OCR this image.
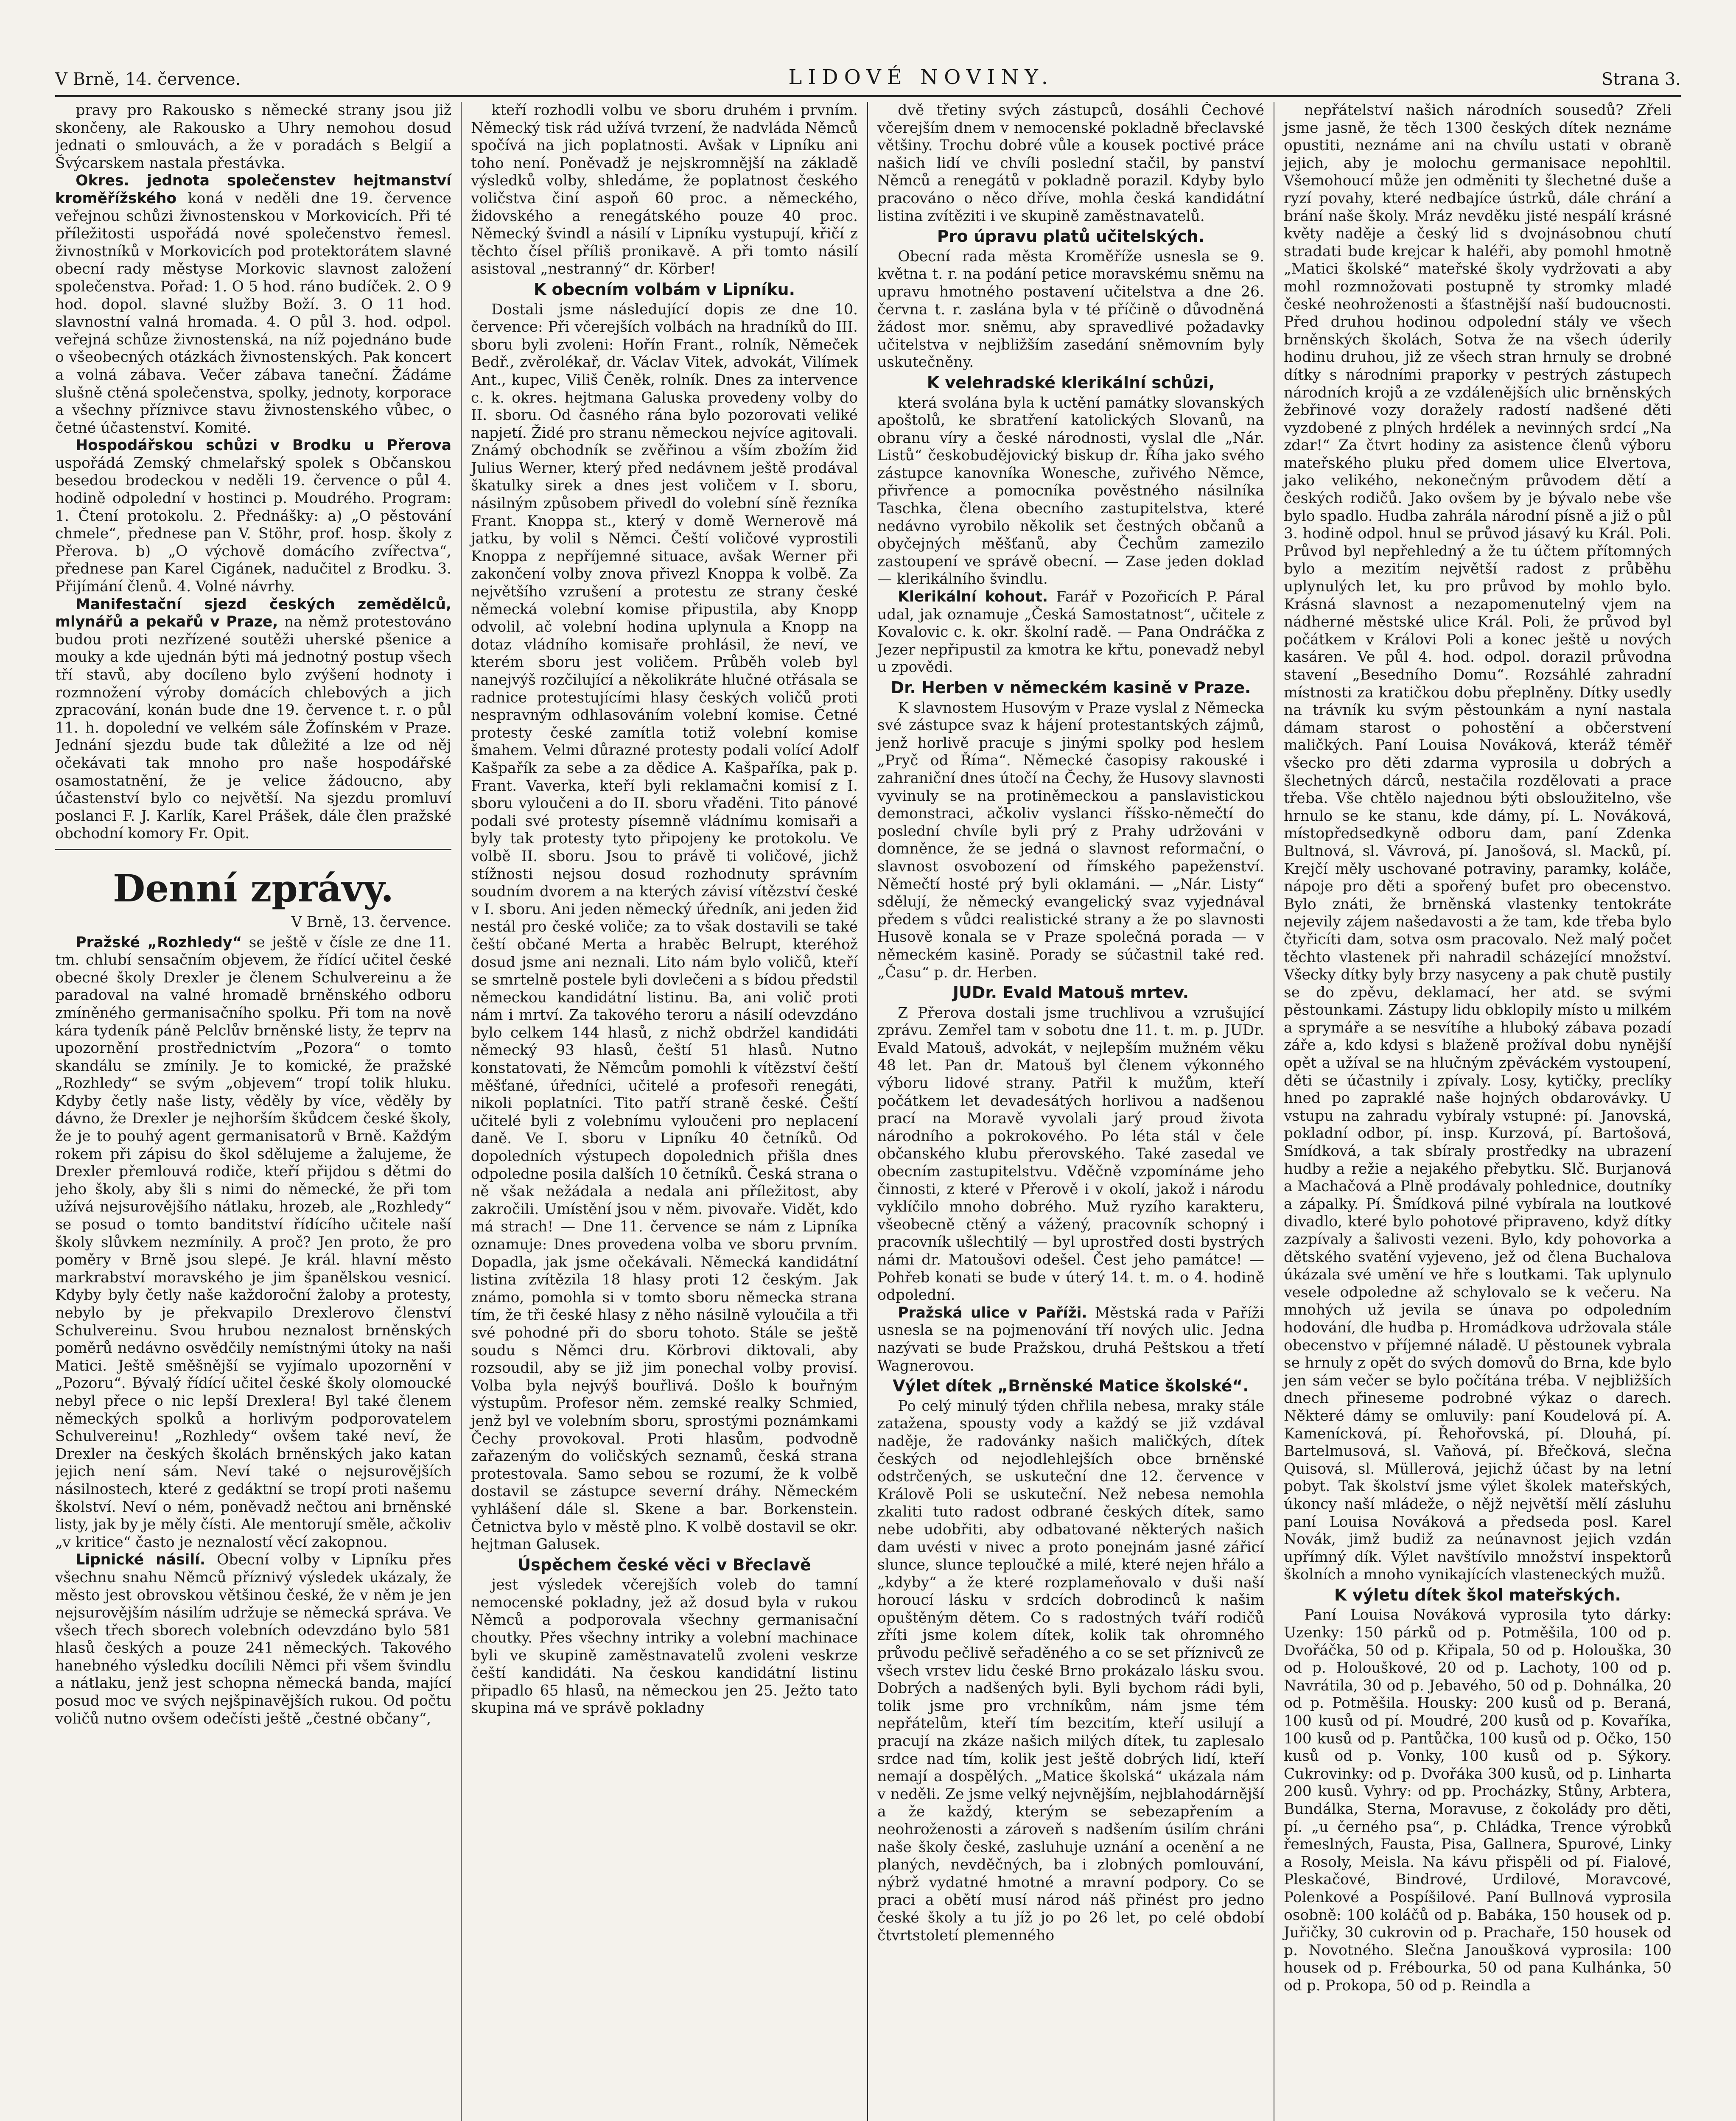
V Brně, 14. července.	LIDOVÉ NOVINY.	Strana 3.

pravy pro Rakousko s německé strany jsou již skončeny, ale Rakousko a Uhry nemohou dosud jednati o smlouvách, a že v poradách s Belgií a Švýcarskem nastala přestávka.

Okres. jednota společenstev hejtmanství kroměřížského koná v neděli dne 19. července veřejnou schůzi živnostenskou v Morkovicích. Při té příležitosti uspořádá nové společenstvo řemesl. živnostníků v Morkovicích pod protektorátem slavné obecní rady městyse Morkovic slavnost založení společenstva. Pořad: 1. O 5 hod. ráno budíček. 2. O 9 hod. dopol. slavné služby Boží. 3. O 11 hod. slavnostní valná hromada. 4. O půl 3. hod. odpol. veřejná schůze živnostenská, na níž pojednáno bude o všeobecných otázkách živnostenských. Pak koncert a volná zábava. Večer zábava taneční. Žádáme slušně ctěná společenstva, spolky, jednoty, korporace a všechny příznivce stavu živnostenského vůbec, o četné účastenství. Komité.

Hospodářskou schůzi v Brodku u Přerova uspořádá Zemský chmelařský spolek s Občanskou besedou brodeckou v neděli 19. července o půl 4. hodině odpolední v hostinci p. Moudrého. Program: 1. Čtení protokolu. 2. Přednášky: a) „O pěstování chmele“, přednese pan V. Stöhr, prof. hosp. školy z Přerova. b) „O výchově domácího zvířectva“, přednese pan Karel Cigánek, nadučitel z Brodku. 3. Přijímání členů. 4. Volné návrhy.

Manifestační sjezd českých zemědělců, mlynářů a pekařů v Praze, na němž protestováno budou proti nezřízené soutěži uherské pšenice a mouky a kde ujednán býti má jednotný postup všech tří stavů, aby docíleno bylo zvýšení hodnoty i rozmnožení výroby domácích chlebových a jich zpracování, konán bude dne 19. července t. r. o půl 11. h. dopolední ve velkém sále Žofínském v Praze. Jednání sjezdu bude tak důležité a lze od něj očekávati tak mnoho pro naše hospodářské osamostatnění, že je velice žádoucno, aby účastenství bylo co největší. Na sjezdu promluví poslanci F. J. Karlík, Karel Prášek, dále člen pražské obchodní komory Fr. Opit.

Denní zprávy.
V Brně, 13. července.

Pražské „Rozhledy“ se ještě v čísle ze dne 11. tm. chlubí sensačním objevem, že řídící učitel české obecné školy Drexler je členem Schulvereinu a že paradoval na valné hromadě brněnského odboru zmíněného germanisačního spolku. Při tom na nově kára tydeník páně Pelclův brněnské listy, že teprv na upozornění prostřednictvím „Pozora“ o tomto skandálu se zmínily. Je to komické, že pražské „Rozhledy“ se svým „objevem“ tropí tolik hluku. Kdyby četly naše listy, věděly by více, věděly by dávno, že Drexler je nejhorším škůdcem české školy, že je to pouhý agent germanisatorů v Brně. Každým rokem při zápisu do škol sdělujeme a žalujeme, že Drexler přemlouvá rodiče, kteří přijdou s dětmi do jeho školy, aby šli s nimi do německé, že při tom užívá nejsurovějšího nátlaku, hrozeb, ale „Rozhledy“ se posud o tomto banditství řídícího učitele naší školy slůvkem nezmínily. A proč? Jen proto, že pro poměry v Brně jsou slepé. Je král. hlavní město markrabství moravského je jim španělskou vesnicí. Kdyby byly četly naše každoroční žaloby a protesty, nebylo by je překvapilo Drexlerovo členství Schulvereinu. Svou hrubou neznalost brněnských poměrů nedávno osvědčily nemístnými útoky na naši Matici. Ještě směšnější se vyjímalo upozornění v „Pozoru“. Bývalý řídící učitel české školy olomoucké nebyl přece o nic lepší Drexlera! Byl také členem německých spolků a horlivým podporovatelem Schulvereinu! „Rozhledy“ ovšem také neví, že Drexler na českých školách brněnských jako katan jejich není sám. Neví také o nejsurovějších násilnostech, které z gedáktní se tropí proti našemu školství. Neví o ném, poněvadž nečtou ani brněnské listy, jak by je měly čísti. Ale mentorují směle, ačkoliv „v kritice“ často je neznalostí věcí zakopnou.

Lipnické násilí. Obecní volby v Lipníku přes všechnu snahu Němců příznivý výsledek ukázaly, že město jest obrovskou většinou české, že v něm je jen nejsurovějším násilím udržuje se německá správa. Ve všech třech sborech volebních odevzdáno bylo 581 hlasů českých a pouze 241 německých. Takového hanebného výsledku docílili Němci při všem švindlu a nátlaku, jenž jest schopna německá banda, mající posud moc ve svých nejšpinavějších rukou. Od počtu voličů nutno ovšem odečísti ještě „čestné občany“,

kteří rozhodli volbu ve sboru druhém i prvním. Německý tisk rád užívá tvrzení, že nadvláda Němců spočívá na jich poplatnosti. Avšak v Lipníku ani toho není. Poněvadž je nejskromnější na základě výsledků volby, shledáme, že poplatnost českého voličstva činí aspoň 60 proc. a německého, židovského a renegátského pouze 40 proc. Německý švindl a násilí v Lipníku vystupují, křičí z těchto čísel příliš pronikavě. A při tomto násilí asistoval „nestranný“ dr. Körber!

K obecním volbám v Lipníku.

Dostali jsme následující dopis ze dne 10. července: Při včerejších volbách na hradníků do III. sboru byli zvoleni: Hořín Frant., rolník, Němeček Bedř., zvěrolékař, dr. Václav Vitek, advokát, Vilímek Ant., kupec, Viliš Čeněk, rolník. Dnes za intervence c. k. okres. hejtmana Galuska provedeny volby do II. sboru. Od časného rána bylo pozorovati veliké napjetí. Židé pro stranu německou nejvíce agitovali. Známý obchodník se zvěřinou a vším zbožím žid Julius Werner, který před nedávnem ještě prodával škatulky sirek a dnes jest voličem v I. sboru, násilným způsobem přivedl do volební síně řezníka Frant. Knoppa st., který v domě Wernerově má jatku, by volil s Němci. Čeští voličové vyprostili Knoppa z nepříjemné situace, avšak Werner při zakončení volby znova přivezl Knoppa k volbě. Za největšího vzrušení a protestu ze strany české německá volební komise připustila, aby Knopp odvolil, ač volební hodina uplynula a Knopp na dotaz vládního komisaře prohlásil, že neví, ve kterém sboru jest voličem. Průběh voleb byl nanejvýš rozčilující a několikráte hlučné otřásala se radnice protestujícími hlasy českých voličů proti nespravným odhlasováním volební komise. Četné protesty české zamítla totiž volební komise šmahem. Velmi důrazné protesty podali volící Adolf Kašpařík za sebe a za dědice A. Kašpaříka, pak p. Frant. Vaverka, kteří byli reklamačni komisí z I. sboru vyloučeni a do II. sboru vřaděni. Tito pánové podali své protesty písemně vládnímu komisaři a byly tak protesty tyto připojeny ke protokolu. Ve volbě II. sboru. Jsou to právě ti voličové, jichž stížnosti nejsou dosud rozhodnuty správním soudním dvorem a na kterých závisí vítězství české v I. sboru. Ani jeden německý úředník, ani jeden žid nestál pro české voliče; za to však dostavili se také čeští občané Merta a hraběc Belrupt, kteréhož dosud jsme ani neznali. Lito nám bylo voličů, kteří se smrtelně postele byli dovlečeni a s bídou předstil německou kandidátní listinu. Ba, ani volič proti nám i mrtví. Za takového teroru a násilí odevzdáno bylo celkem 144 hlasů, z nichž obdržel kandidáti německý 93 hlasů, čeští 51 hlasů. Nutno konstatovati, že Němcům pomohli k vítězství čeští měšťané, úředníci, učitelé a profesoři renegáti, nikoli poplatníci. Tito patří straně české. Čeští učitelé byli z volebnímu vyloučeni pro neplacení daně. Ve I. sboru v Lipníku 40 četníků. Od dopoledních výstupech dopolednich přišla dnes odpoledne posila dalších 10 četníků. Česká strana o ně však nežádala a nedala ani příležitost, aby zakročili. Umístění jsou v něm. pivovaře. Vidět, kdo má strach! — Dne 11. července se nám z Lipníka oznamuje: Dnes provedena volba ve sboru prvním. Dopadla, jak jsme očekávali. Německá kandidátní listina zvítězila 18 hlasy proti 12 českým. Jak známo, pomohla si v tomto sboru německa strana tím, že tři české hlasy z něho násilně vyloučila a tři své pohodné při do sboru tohoto. Stále se ještě soudu s Němci dru. Körbrovi diktovali, aby rozsoudil, aby se již jim ponechal volby provisí. Volba byla nejvýš bouřlivá. Došlo k bouřným výstupům. Profesor něm. zemské realky Schmied, jenž byl ve volebním sboru, sprostými poznámkami Čechy provokoval. Proti hlasům, podvodně zařazeným do voličských seznamů, česká strana protestovala. Samo sebou se rozumí, že k volbě dostavil se zástupce severní dráhy. Německém vyhlášení dále sl. Skene a bar. Borkenstein. Četnictva bylo v městě plno. K volbě dostavil se okr. hejtman Galusek.

Úspěchem české věci v Břeclavě

jest výsledek včerejších voleb do tamní nemocenské pokladny, jež až dosud byla v rukou Němců a podporovala všechny germanisační choutky. Přes všechny intriky a volební machinace byli ve skupině zaměstnavatelů zvoleni veskrze čeští kandidáti. Na českou kandidátní listinu připadlo 65 hlasů, na německou jen 25. Ježto tato skupina má ve správě pokladny

dvě třetiny svých zástupců, dosáhli Čechové včerejším dnem v nemocenské pokladně břeclavské většiny. Trochu dobré vůle a kousek poctivé práce našich lidí ve chvíli poslední stačil, by panství Němců a renegátů v pokladně porazil. Kdyby bylo pracováno o něco dříve, mohla česká kandidátní listina zvítěziti i ve skupině zaměstnavatelů.

Pro úpravu platů učitelských.

Obecní rada města Kroměříže usnesla se 9. května t. r. na podání petice moravskému sněmu na upravu hmotného postavení učitelstva a dne 26. června t. r. zaslána byla v té příčině o důvodněná žádost mor. sněmu, aby spravedlivé požadavky učitelstva v nejbližším zasedání sněmovním byly uskutečněny.

K velehradské klerikální schůzi,

která svolána byla k uctění památky slovanských apoštolů, ke sbratření katolických Slovanů, na obranu víry a české národnosti, vyslal dle „Nár. Listů“ českobudějovický biskup dr. Říha jako svého zástupce kanovníka Wonesche, zuřivého Němce, přivřence a pomocníka pověstného násilníka Taschka, člena obecního zastupitelstva, které nedávno vyrobilo několik set čestných občanů a obyčejných měšťanů, aby Čechům zamezilo zastoupení ve správě obecní. — Zase jeden doklad — klerikálního švindlu.

Klerikální kohout. Farář v Pozořicích P. Páral udal, jak oznamuje „Česká Samostatnost“, učitele z Kovalovic c. k. okr. školní radě. — Pana Ondráčka z Jezer nepřipustil za kmotra ke křtu, ponevadž nebyl u zpovědi.

Dr. Herben v německém kasině v Praze.

K slavnostem Husovým v Praze vyslal z Německa své zástupce svaz k hájení protestantských zájmů, jenž horlivě pracuje s jinými spolky pod heslem „Pryč od Říma“. Německé časopisy rakouské i zahraniční dnes útočí na Čechy, že Husovy slavnosti vyvinuly se na protiněmeckou a panslavistickou demonstraci, ačkoliv vyslanci říšsko-němečtí do poslední chvíle byli prý z Prahy udržováni v domněnce, že se jedná o slavnost reformační, o slavnost osvobození od římského papeženství. Němečtí hosté prý byli oklamáni. — „Nár. Listy“ sdělují, že německý evangelický svaz vyjednával předem s vůdci realistické strany a že po slavnosti Husově konala se v Praze společná porada — v německém kasině. Porady se súčastnil také red. „Času“ p. dr. Herben.

JUDr. Evald Matouš mrtev.

Z Přerova dostali jsme truchlivou a vzrušující zprávu. Zemřel tam v sobotu dne 11. t. m. p. JUDr. Evald Matouš, advokát, v nejlepším mužném věku 48 let. Pan dr. Matouš byl členem výkonného výboru lidové strany. Patřil k mužům, kteří počátkem let devadesátých horlivou a nadšenou prací na Moravě vyvolali jarý proud života národního a pokrokového. Po léta stál v čele občanského klubu přerovského. Také zasedal ve obecním zastupitelstvu. Vděčně vzpomínáme jeho činnosti, z které v Přerově i v okolí, jakož i národu vyklíčilo mnoho dobrého. Muž ryzího karakteru, všeobecně ctěný a vážený, pracovník schopný i pracovník ušlechtilý — byl uprostřed dosti bystrých námi dr. Matoušovi odešel. Čest jeho památce! — Pohřeb konati se bude v úterý 14. t. m. o 4. hodině odpolední.

Pražská ulice v Paříži. Městská rada v Paříži usnesla se na pojmenování tří nových ulic. Jedna nazývati se bude Pražskou, druhá Peštskou a třetí Wagnerovou.

Výlet dítek „Brněnské Matice školské“.

Po celý minulý týden chřlila nebesa, mraky stále zatažena, spousty vody a každý se již vzdával naděje, že radovánky našich maličkých, dítek českých od nejodlehlejších obce brněnské odstrčených, se uskuteční dne 12. července v Králově Poli se uskuteční. Než nebesa nemohla zkaliti tuto radost odbrané českých dítek, samo nebe udobřiti, aby odbatované některých našich dam uvésti v nivec a proto ponejnám jasné zářicí slunce, slunce teploučké a milé, které nejen hřálo a „kdyby“ a že které rozplameňovalo v duši naší horoucí lásku v srdcích dobrodinců k našim opuštěným dětem. Co s radostných tváří rodičů zříti jsme kolem dítek, kolik tak ohromného průvodu pečlivě seřaděného a co se set příznivců ze všech vrstev lidu české Brno prokázalo lásku svou. Dobrých a nadšených byli. Byli bychom rádi byli, tolik jsme pro vrchníkům, nám jsme tém nepřátelům, kteří tím bezcitím, kteří usilují a pracují na zkáze našich milých dítek, tu zaplesalo srdce nad tím, kolik jest ještě dobrých lidí, kteří nemají a dospělých. „Matice školská“ ukázala nám v neděli. Ze jsme velký nejvnějším, nejblahodárnější a že každý, kterým se sebezapřením a neohroženosti a zároveň s nadšením úsilím chráni naše školy české, zasluhuje uznání a ocenění a ne planých, nevděčných, ba i zlobných pomlouvání, nýbrž vydatné hmotné a mravní podpory. Co se praci a obětí musí národ náš přinést pro jedno české školy a tu jíž jo po 26 let, po celé období čtvrtstoletí plemenného

nepřátelství našich národních sousedů? Zřeli jsme jasně, že těch 1300 českých dítek neznáme opustiti, neznáme ani na chvílu ustati v obraně jejich, aby je molochu germanisace nepohltil. Všemohoucí může jen odměniti ty šlechetné duše a ryzí povahy, které nedbajíce ústrků, dále chrání a brání naše školy. Mráz nevděku jisté nespálí krásné květy naděje a český lid s dvojnásobnou chutí stradati bude krejcar k haléři, aby pomohl hmotně „Matici školské“ mateřské školy vydržovati a aby mohl rozmnožovati postupně ty stromky mladé české neohroženosti a šťastnější naší budoucnosti. Před druhou hodinou odpolední stály ve všech brněnských školách, Sotva že na všech úderily hodinu druhou, již ze všech stran hrnuly se drobné dítky s národními praporky v pestrých zástupech národních krojů a ze vzdálenějších ulic brněnských žebřinové vozy doražely radostí nadšené děti vyzdobené z plných hrdélek a nevinných srdcí „Na zdar!“ Za čtvrt hodiny za asistence členů výboru mateřského pluku před domem ulice Elvertova, jako velikého, nekonečným průvodem dětí a českých rodičů. Jako ovšem by je bývalo nebe vše bylo spadlo. Hudba zahrála národní písně a již o půl 3. hodině odpol. hnul se průvod jásavý ku Král. Poli. Průvod byl nepřehledný a že tu účtem přítomných bylo a mezitím největší radost z průběhu uplynulých let, ku pro průvod by mohlo bylo. Krásná slavnost a nezapomenutelný vjem na nádherné městské ulice Král. Poli, že průvod byl počátkem v Královi Poli a konec ještě u nových kasáren. Ve půl 4. hod. odpol. dorazil průvodna stavení „Besedního Domu“. Rozsáhlé zahradní místnosti za kratičkou dobu přeplněny. Dítky usedly na trávník ku svým pěstounkám a nyní nastala dámam starost o pohostění a občerstvení maličkých. Paní Louisa Nováková, kteráž téměř všecko pro děti zdarma vyprosila u dobrých a šlechetných dárců, nestačila rozdělovati a prace třeba. Vše chtělo najednou býti obsloužitelno, vše hrnulo se ke stanu, kde dámy, pí. L. Nováková, místopředsedkyně odboru dam, paní Zdenka Bultnová, sl. Vávrová, pí. Janošová, sl. Macků, pí. Krejčí měly uschované potraviny, paramky, koláče, nápoje pro děti a spořený bufet pro obecenstvo. Bylo znáti, že brněnská vlastenky tentokráte nejevily zájem našedavosti a že tam, kde třeba bylo čtyřicíti dam, sotva osm pracovalo. Než malý počet těchto vlastenek při nahradil scházející množství. Všecky dítky byly brzy nasyceny a pak chutě pustily se do zpěvu, deklamací, her atd. se svými pěstounkami. Zástupy lidu obklopily místo u milkém a sprymáře a se nesvítíhe a hluboký zábava pozadí záře a, kdo kdysi s blaženě prožíval dobu nynější opět a užíval se na hlučným zpěváckém vystoupení, děti se účastnily i zpívaly. Losy, kytičky, preclíky hned po zapraklé naše hojných obdarovávky. U vstupu na zahradu vybíraly vstupné: pí. Janovská, pokladní odbor, pí. insp. Kurzová, pí. Bartošová, Smídková, a tak sbíraly prostředky na ubrazení hudby a režie a nejakého přebytku. Slč. Burjanová a Machačová a Plně prodávaly pohlednice, doutníky a zápalky. Pí. Šmídková pilné vybírala na loutkové divadlo, které bylo pohotové připraveno, když dítky zazpívaly a šalivosti vezeni. Bylo, kdy pohovorka a dětského svatění vyjeveno, jež od člena Buchalova úkázala své umění ve hře s loutkami. Tak uplynulo vesele odpoledne až schylovalo se k večeru. Na mnohých už jevila se únava po odpoledním hodování, dle hudba p. Hromádkova udržovala stále obecenstvo v příjemné náladě. U pěstounek vybrala se hrnuly z opět do svých domovů do Brna, kde bylo jen sám večer se bylo počítána tréba. V nejbližších dnech přineseme podrobné výkaz o darech. Některé dámy se omluvily: paní Koudelová pí. A. Kamenícková, pí. Řehořovská, pí. Dlouhá, pí. Bartelmusová, sl. Vaňová, pí. Břečková, slečna Quisová, sl. Müllerová, jejichž účast by na letní pobyt. Tak školství jsme výlet školek mateřských, úkoncy naší mládeže, o nějž největší mělí zásluhu paní Louisa Nováková a předseda posl. Karel Novák, jimž budiž za neúnavnost jejich vzdán upřímný dík. Výlet navštívilo množství inspektorů školních a mnoho vynikajících vlasteneckých mužů.

K výletu dítek škol mateřských.

Paní Louisa Nováková vyprosila tyto dárky: Uzenky: 150 párků od p. Potměšila, 100 od p. Dvořáčka, 50 od p. Křipala, 50 od p. Holouška, 30 od p. Holouškové, 20 od p. Lachoty, 100 od p. Navrátila, 30 od p. Jebavého, 50 od p. Dohnálka, 20 od p. Potměšila. Housky: 200 kusů od p. Beraná, 100 kusů od pí. Moudré, 200 kusů od p. Kovaříka, 100 kusů od p. Pantůčka, 100 kusů od p. Očko, 150 kusů od p. Vonky, 100 kusů od p. Sýkory. Cukrovinky: od p. Dvořáka 300 kusů, od p. Linharta 200 kusů. Vyhry: od pp. Procházky, Stůny, Arbtera, Bundálka, Sterna, Moravuse, z čokolády pro děti, pí. „u černého psa“, p. Chládka, Trence výrobků řemeslných, Fausta, Pisa, Gallnera, Spurové, Linky a Rosoly, Meisla. Na kávu přispěli od pí. Fialové, Pleskačové, Bindrové, Urdilové, Moravcové, Polenkové a Pospíšilové. Paní Bullnová vyprosila osobně: 100 koláčů od p. Babáka, 150 housek od p. Juřičky, 30 cukrovin od p. Prachaře, 150 housek od p. Novotného. Slečna Janoušková vyprosila: 100 housek od p. Frébourka, 50 od pana Kulhánka, 50 od p. Prokopa, 50 od p. Reindla a
